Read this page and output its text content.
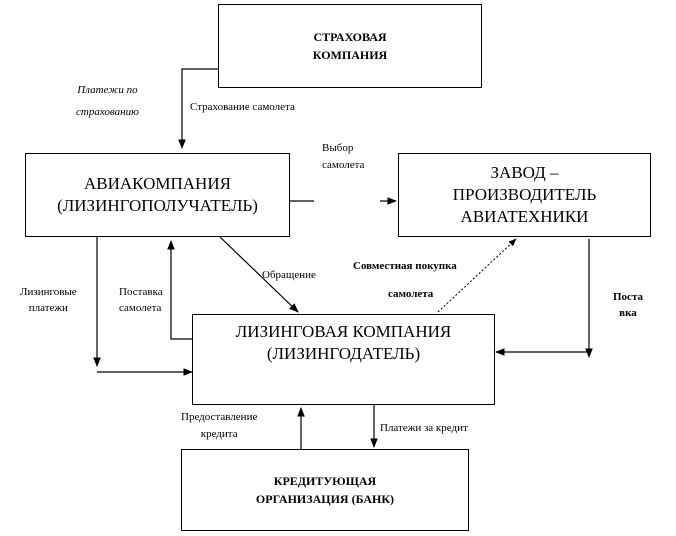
СТРАХОВАЯ
КОМПАНИЯ
АВИАКОМПАНИЯ
(ЛИЗИНГОПОЛУЧАТЕЛЬ)
ЗАВОД –
ПРОИЗВОДИТЕЛЬ
АВИАТЕХНИКИ
ЛИЗИНГОВАЯ КОМПАНИЯ
(ЛИЗИНГОДАТЕЛЬ)
КРЕДИТУЮЩАЯ
ОРГАНИЗАЦИЯ (БАНК)
Платежи по
страхованию	Страхование самолета
Выбор
самолета
Лизинговые
платежи
Поставка
самолета
Обращение
Совместная покупка
самолета	Поста
вка
Предоставление
кредита	Платежи за кредит
